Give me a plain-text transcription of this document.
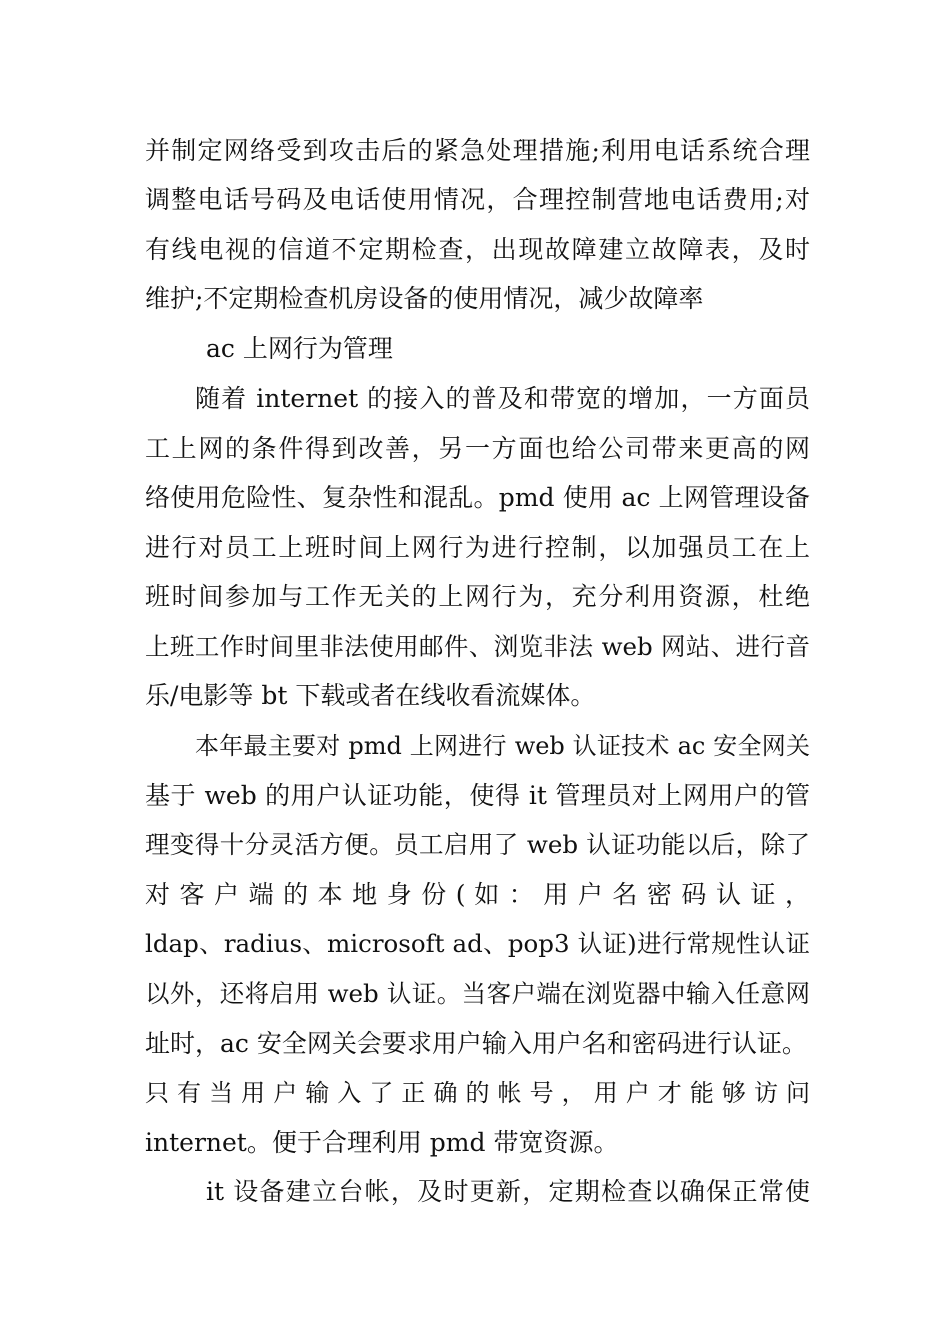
并制定网络受到攻击后的紧急处理措施;利用电话系统合理
调整电话号码及电话使用情况，合理控制营地电话费用;对
有线电视的信道不定期检查，出现故障建立故障表，及时
维护;不定期检查机房设备的使用情况，减少故障率
ac 上网行为管理
随着 internet 的接入的普及和带宽的增加，一方面员
工上网的条件得到改善，另一方面也给公司带来更高的网
络使用危险性、复杂性和混乱。pmd 使用 ac 上网管理设备
进行对员工上班时间上网行为进行控制，以加强员工在上
班时间参加与工作无关的上网行为，充分利用资源，杜绝
上班工作时间里非法使用邮件、浏览非法 web 网站、进行音
乐/电影等 bt 下载或者在线收看流媒体。
本年最主要对 pmd 上网进行 web 认证技术 ac 安全网关
基于 web 的用户认证功能，使得 it 管理员对上网用户的管
理变得十分灵活方便。员工启用了 web 认证功能以后，除了
对 客 户 端 的 本 地 身 份 ( 如 ： 用 户 名 密 码 认 证 ，
ldap、radius、microsoft ad、pop3 认证)进行常规性认证
以外，还将启用 web 认证。当客户端在浏览器中输入任意网
址时，ac 安全网关会要求用户输入用户名和密码进行认证。
只 有 当 用 户 输 入 了 正 确 的 帐 号 ， 用 户 才 能 够 访 问
internet。便于合理利用 pmd 带宽资源。
it 设备建立台帐，及时更新，定期检查以确保正常使
